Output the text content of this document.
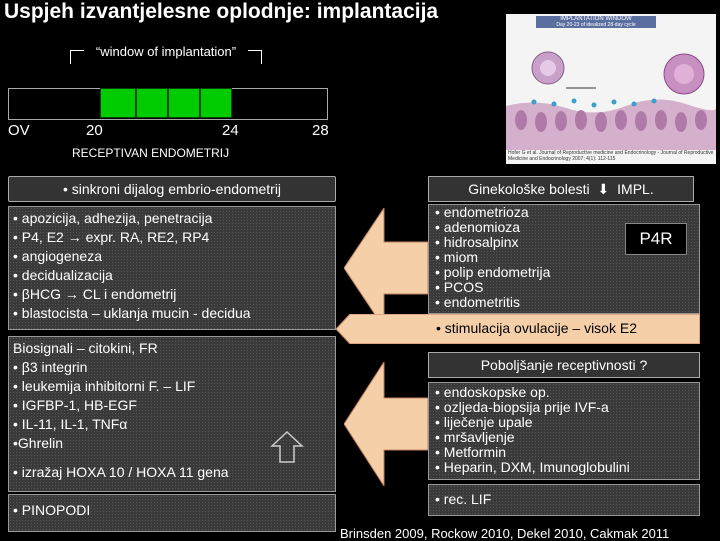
Uspjeh izvantjelesne oplodnje: implantacija	IMPLANTATION WINDOW
Day 20-23 of idealized 28-day cycle
Hofer G et al. Journal of Reproductive medicine and Endocrinology - Journal of Reproductive Medicine and Endocrinology 2007; 4(1): 112-115
“window of implantation”
OV	20	24	28
RECEPTIVAN ENDOMETRIJ
• sinkroni dijalog embrio-endometrij
• apozicija, adhezija, penetracija
• P4, E2 → expr. RA, RE2, RP4
• angiogeneza
• decidualizacija
• βHCG → CL i endometrij
• blastocista – uklanja mucin - decidua
Biosignali – citokini, FR
• β3 integrin
• leukemija inhibitorni F. – LIF
• IGFBP-1, HB-EGF
• IL-11, IL-1, TNFα
•Ghrelin
• izražaj HOXA 10 / HOXA 11 gena
• PINOPODI
Ginekološke bolesti ⬇ IMPL.
• endometrioza
• adenomioza
• hidrosalpinx
• miom
• polip endometrija
• PCOS
• endometritis
P4R
• stimulacija ovulacije – visok E2
Poboljšanje receptivnosti ?
• endoskopske op.
• ozljeda-biopsija prije IVF-a
• liječenje upale
• mršavljenje
• Metformin
• Heparin, DXM, Imunoglobulini
• rec. LIF
Brinsden 2009, Rockow 2010, Dekel 2010, Cakmak 2011
